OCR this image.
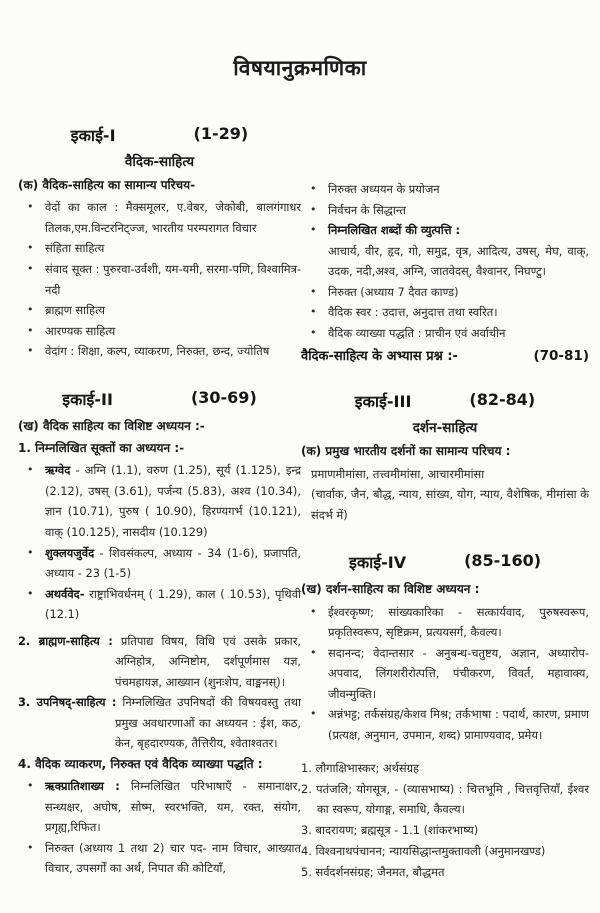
विषयानुक्रमणिका
इकाई-I	(1-29)
वैदिक-साहित्य
(क) वैदिक-साहित्य का सामान्य परिचय-
• वेदों का काल : मैक्समूलर, ए.वेबर, जेकोबी, बालगंगाधर तिलक,एम.विन्टरनिट्ज्ज, भारतीय परम्परागत विचार
• संहिता साहित्य
• संवाद सूक्त : पुरुरवा-उर्वशी, यम-यमी, सरमा-पणि, विश्वामित्र- नदी
• ब्राह्मण साहित्य
• आरण्यक साहित्य
• वेदांग : शिक्षा, कल्प, व्याकरण, निरुक्त, छन्द, ज्योतिष
इकाई-II	(30-69)
(ख) वैदिक साहित्य का विशिष्ट अध्ययन :-
1. निम्नलिखित सूक्तों का अध्ययन :-
• ऋग्वेद - अग्नि (1.1), वरुण (1.25), सूर्य (1.125), इन्द्र (2.12), उषस् (3.61), पर्जन्य (5.83), अश्व (10.34), ज्ञान (10.71), पुरुष ( 10.90), हिरण्यगर्भ (10.121), वाक् (10.125), नासदीय (10.129)
• शुक्लयजुर्वेद - शिवसंकल्प, अध्याय - 34 (1-6), प्रजापति, अध्याय - 23 (1-5)
• अथर्ववेद- राष्ट्राभिवर्धनम् ( 1.29), काल ( 10.53), पृथिवी (12.1)
2. ब्राह्मण-साहित्य : प्रतिपाद्य विषय, विधि एवं उसके प्रकार, अग्निहोत्र, अग्निष्टोम, दर्शपूर्णमास यज्ञ, पंचमहायज्ञ, आख्यान (शुनःशेप, वाङ्मनस्)।
3. उपनिषद्-साहित्य : निम्नलिखित उपनिषदों की विषयवस्तु तथा प्रमुख अवधारणाओं का अध्ययन : ईश, कठ, केन, बृहदारण्यक, तैत्तिरीय, श्वेताश्वतर।
4. वैदिक व्याकरण, निरुक्त एवं वैदिक व्याख्या पद्धति :
• ऋक्प्रातिशाख्य : निम्नलिखित परिभाषाएँ - समानाक्षर, सन्ध्यक्षर, अघोष, सोष्म, स्वरभक्ति, यम, रक्त, संयोग, प्रगृह्य,रिफित।
• निरुक्त (अध्याय 1 तथा 2) चार पद- नाम विचार, आख्यात विचार, उपसर्गों का अर्थ, निपात की कोटियाँ,
• निरुक्त अध्ययन के प्रयोजन
• निर्वचन के सिद्धान्त
• निम्नलिखित शब्दों की व्युत्पत्ति :
आचार्य, वीर, हृद, गो, समुद्र, वृत्र, आदित्य, उषस्, मेघ, वाक्, उदक, नदी,अश्व, अग्नि, जातवेदस्, वैश्वानर, निघण्टु।
• निरुक्त (अध्याय 7 दैवत काण्ड)
• वैदिक स्वर : उदात्त, अनुदात्त तथा स्वरित।
• वैदिक व्याख्या पद्धति : प्राचीन एवं अर्वाचीन
वैदिक-साहित्य के अभ्यास प्रश्न :-	(70-81)
इकाई-III	(82-84)
दर्शन-साहित्य
(क) प्रमुख भारतीय दर्शनों का सामान्य परिचय :
प्रमाणमीमांसा, तत्त्वमीमांसा, आचारमीमांसा
(चार्वाक, जैन, बौद्ध, न्याय, सांख्य, योग, न्याय, वैशेषिक, मीमांसा के संदर्भ में)
इकाई-IV	(85-160)
(ख) दर्शन-साहित्य का विशिष्ट अध्ययन :
• ईश्वरकृष्ण; सांख्यकारिका - सत्कार्यवाद, पुरुषस्वरूप, प्रकृतिस्वरूप, सृष्टिक्रम, प्रत्ययसर्ग, कैवल्य।
• सदानन्द; वेदान्तसार - अनुबन्ध-चतुष्टय, अज्ञान, अध्यारोप-अपवाद, लिंगशरीरोत्पत्ति, पंचीकरण, विवर्त, महावाक्य, जीवन्मुक्ति।
• अन्नंभट्ट; तर्कसंग्रह/केशव मिश्र; तर्कभाषा : पदार्थ, कारण, प्रमाण (प्रत्यक्ष, अनुमान, उपमान, शब्द) प्रामाण्यवाद, प्रमेय।
1. लौगाक्षिभास्कर; अर्थसंग्रह
2. पतंजलि; योगसूत्र, - (व्यासभाष्य) : चित्तभूमि , चित्तवृत्तियाँ, ईश्वर का स्वरूप, योगाङ्ग, समाधि, कैवल्य।
3. बादरायण; ब्रह्मसूत्र - 1.1 (शांकरभाष्य)
4. विश्वनाथपंचानन; न्यायसिद्धान्तमुक्तावली (अनुमानखण्ड)
5. सर्वदर्शनसंग्रह; जैनमत, बौद्धमत
